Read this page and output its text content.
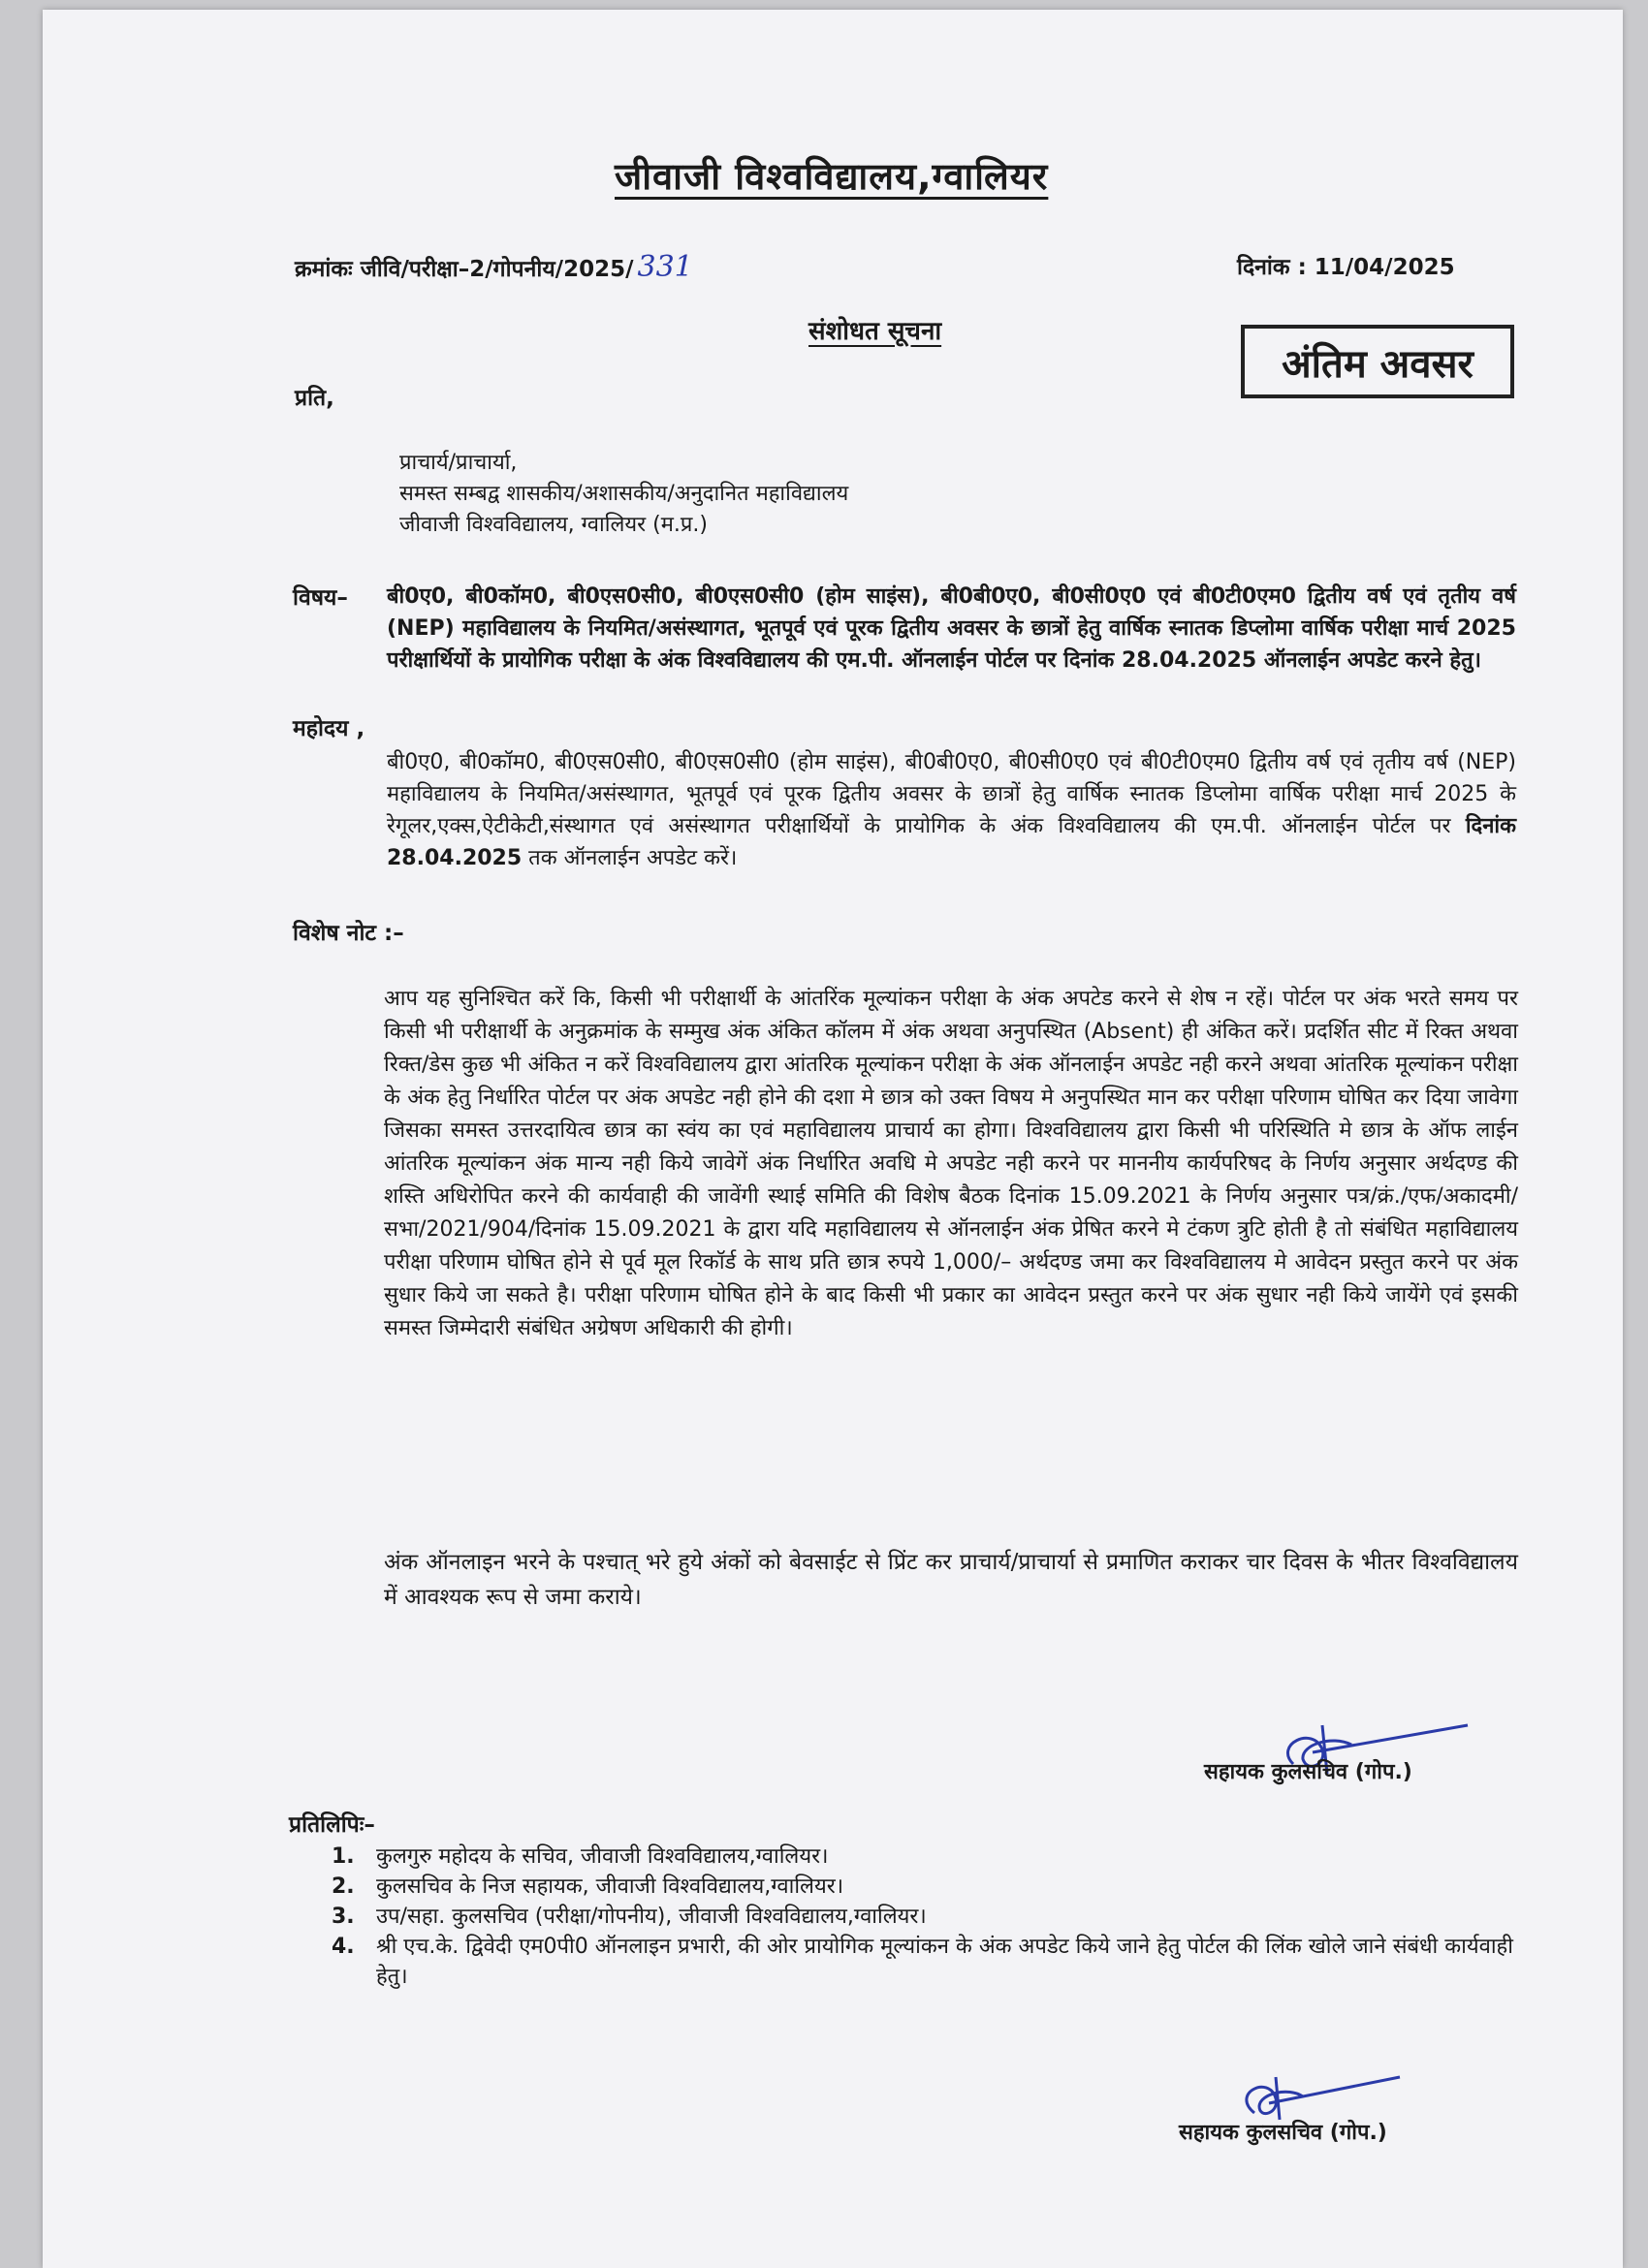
जीवाजी विश्वविद्यालय,ग्वालियर
क्रमांकः जीवि/परीक्षा–2/गोपनीय/2025/ 331	दिनांक : 11/04/2025
संशोधत सूचना
अंतिम अवसर
प्रति,
प्राचार्य/प्राचार्या,
समस्त सम्बद्व शासकीय/अशासकीय/अनुदानित महाविद्यालय
जीवाजी विश्वविद्यालय, ग्वालियर (म.प्र.)
विषय– बी0ए0, बी0कॉम0, बी0एस0सी0, बी0एस0सी0 (होम साइंस), बी0बी0ए0, बी0सी0ए0 एवं बी0टी0एम0 द्वितीय वर्ष एवं तृतीय वर्ष (NEP) महाविद्यालय के नियमित/असंस्थागत, भूतपूर्व एवं पूरक द्वितीय अवसर के छात्रों हेतु वार्षिक स्नातक डिप्लोमा वार्षिक परीक्षा मार्च 2025 परीक्षार्थियों के प्रायोगिक परीक्षा के अंक विश्वविद्यालय की एम.पी. ऑनलाईन पोर्टल पर दिनांक 28.04.2025 ऑनलाईन अपडेट करने हेतु।
महोदय ,
बी0ए0, बी0कॉम0, बी0एस0सी0, बी0एस0सी0 (होम साइंस), बी0बी0ए0, बी0सी0ए0 एवं बी0टी0एम0 द्वितीय वर्ष एवं तृतीय वर्ष (NEP) महाविद्यालय के नियमित/असंस्थागत, भूतपूर्व एवं पूरक द्वितीय अवसर के छात्रों हेतु वार्षिक स्नातक डिप्लोमा वार्षिक परीक्षा मार्च 2025 के रेगूलर,एक्स,ऐटीकेटी,संस्थागत एवं असंस्थागत परीक्षार्थियों के प्रायोगिक के अंक विश्वविद्यालय की एम.पी. ऑनलाईन पोर्टल पर दिनांक 28.04.2025 तक ऑनलाईन अपडेट करें।
विशेष नोट :–
आप यह सुनिश्चित करें कि, किसी भी परीक्षार्थी के आंतरिंक मूल्यांकन परीक्षा के अंक अपटेड करने से शेष न रहें। पोर्टल पर अंक भरते समय पर किसी भी परीक्षार्थी के अनुक्रमांक के सम्मुख अंक अंकित कॉलम में अंक अथवा अनुपस्थित (Absent) ही अंकित करें। प्रदर्शित सीट में रिक्त अथवा रिक्त/डेस कुछ भी अंकित न करें विश्वविद्यालय द्वारा आंतरिक मूल्यांकन परीक्षा के अंक ऑनलाईन अपडेट नही करने अथवा आंतरिक मूल्यांकन परीक्षा के अंक हेतु निर्धारित पोर्टल पर अंक अपडेट नही होने की दशा मे छात्र को उक्त विषय मे अनुपस्थित मान कर परीक्षा परिणाम घोषित कर दिया जावेगा जिसका समस्त उत्तरदायित्व छात्र का स्वंय का एवं महाविद्यालय प्राचार्य का होगा। विश्वविद्यालय द्वारा किसी भी परिस्थिति मे छात्र के ऑफ लाईन आंतरिक मूल्यांकन अंक मान्य नही किये जावेगें अंक निर्धारित अवधि मे अपडेट नही करने पर माननीय कार्यपरिषद के निर्णय अनुसार अर्थदण्ड की शस्ति अधिरोपित करने की कार्यवाही की जावेंगी स्थाई समिति की विशेष बैठक दिनांक 15.09.2021 के निर्णय अनुसार पत्र/क्रं./एफ/अकादमी/सभा/2021/904/दिनांक 15.09.2021 के द्वारा यदि महाविद्यालय से ऑनलाईन अंक प्रेषित करने मे टंकण त्रुटि होती है तो संबंधित महाविद्यालय परीक्षा परिणाम घोषित होने से पूर्व मूल रिकॉर्ड के साथ प्रति छात्र रुपये 1,000/– अर्थदण्ड जमा कर विश्वविद्यालय मे आवेदन प्रस्तुत करने पर अंक सुधार किये जा सकते है। परीक्षा परिणाम घोषित होने के बाद किसी भी प्रकार का आवेदन प्रस्तुत करने पर अंक सुधार नही किये जायेंगे एवं इसकी समस्त जिम्मेदारी संबंधित अग्रेषण अधिकारी की होगी।
अंक ऑनलाइन भरने के पश्चात् भरे हुये अंकों को बेवसाईट से प्रिंट कर प्राचार्य/प्राचार्या से प्रमाणित कराकर चार दिवस के भीतर विश्वविद्यालय में आवश्यक रूप से जमा कराये।
सहायक कुलसचिव (गोप.)
प्रतिलिपिः–
1.	कुलगुरु महोदय के सचिव, जीवाजी विश्वविद्यालय,ग्वालियर।
2.	कुलसचिव के निज सहायक, जीवाजी विश्वविद्यालय,ग्वालियर।
3.	उप/सहा. कुलसचिव (परीक्षा/गोपनीय), जीवाजी विश्वविद्यालय,ग्वालियर।
4.	श्री एच.के. द्विवेदी एम0पी0 ऑनलाइन प्रभारी, की ओर प्रायोगिक मूल्यांकन के अंक अपडेट किये जाने हेतु पोर्टल की लिंक खोले जाने संबंधी कार्यवाही हेतु।
सहायक कुलसचिव (गोप.)
